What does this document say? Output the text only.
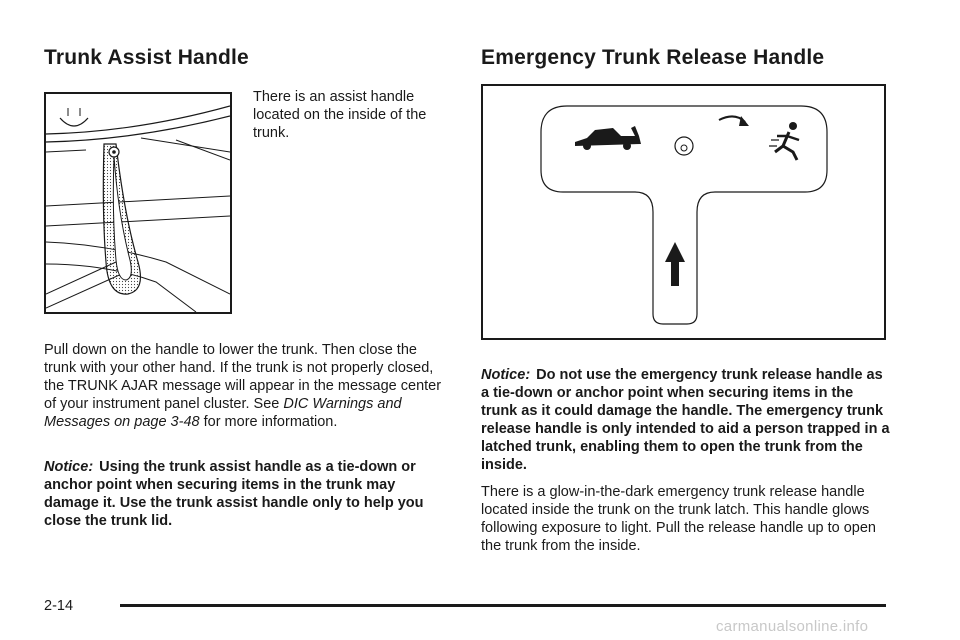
Trunk Assist Handle	Emergency Trunk Release Handle

There is an assist handle located on the inside of the trunk.

Pull down on the handle to lower the trunk. Then close the trunk with your other hand. If the trunk is not properly closed, the TRUNK AJAR message will appear in the message center of your instrument panel cluster. See DIC Warnings and Messages on page 3-48 for more information.

Notice: Using the trunk assist handle as a tie-down or anchor point when securing items in the trunk may damage it. Use the trunk assist handle only to help you close the trunk lid.

Notice: Do not use the emergency trunk release handle as a tie-down or anchor point when securing items in the trunk as it could damage the handle. The emergency trunk release handle is only intended to aid a person trapped in a latched trunk, enabling them to open the trunk from the inside.

There is a glow-in-the-dark emergency trunk release handle located inside the trunk on the trunk latch. This handle glows following exposure to light. Pull the release handle up to open the trunk from the inside.

2-14
carmanualsonline.info
